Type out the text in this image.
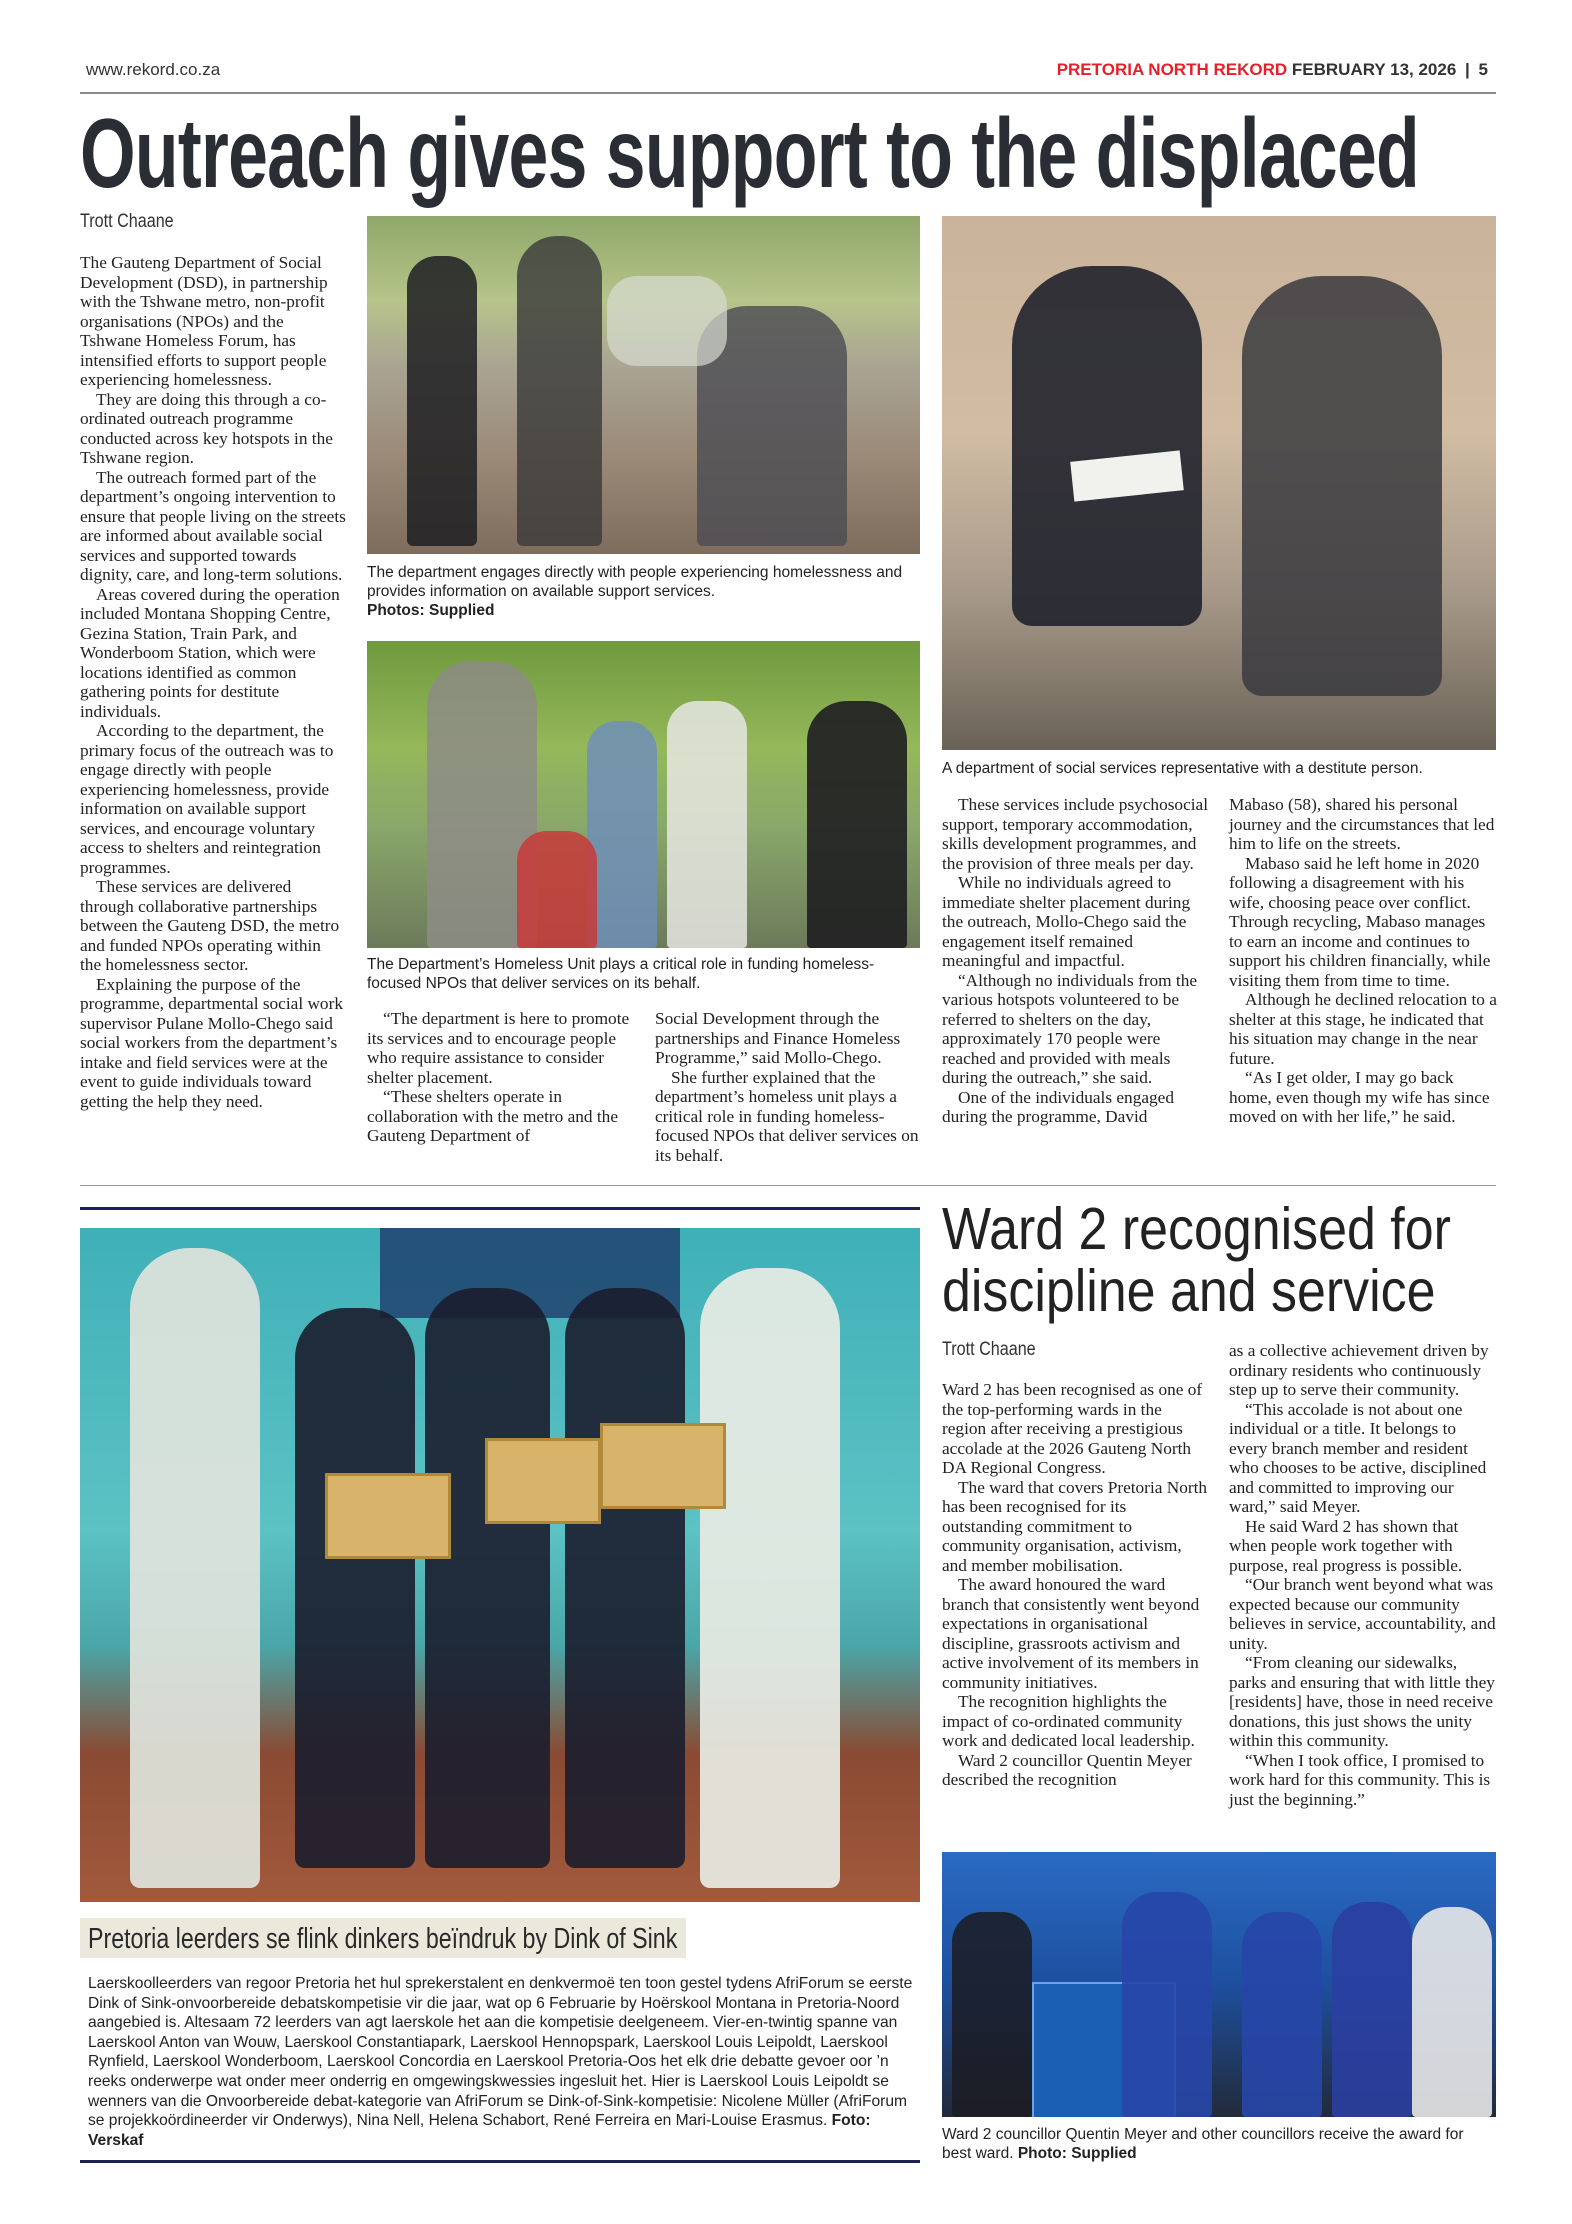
www.rekord.co.za	PRETORIA NORTH REKORD FEBRUARY 13, 2026 | 5
Outreach gives support to the displaced
Trott Chaane

The Gauteng Department of Social Development (DSD), in partnership with the Tshwane metro, non-profit organisations (NPOs) and the Tshwane Homeless Forum, has intensified efforts to support people experiencing homelessness.

They are doing this through a co-ordinated outreach programme conducted across key hotspots in the Tshwane region.

The outreach formed part of the department’s ongoing intervention to ensure that people living on the streets are informed about available social services and supported towards dignity, care, and long-term solutions.

Areas covered during the operation included Montana Shopping Centre, Gezina Station, Train Park, and Wonderboom Station, which were locations identified as common gathering points for destitute individuals.

According to the department, the primary focus of the outreach was to engage directly with people experiencing homelessness, provide information on available support services, and encourage voluntary access to shelters and reintegration programmes.

These services are delivered through collaborative partnerships between the Gauteng DSD, the metro and funded NPOs operating within the homelessness sector.

Explaining the purpose of the programme, departmental social work supervisor Pulane Mollo-Chego said social workers from the department’s intake and field services were at the event to guide individuals toward getting the help they need.

The department engages directly with people experiencing homelessness and provides information on available support services.
Photos: Supplied
The Department’s Homeless Unit plays a critical role in funding homeless-focused NPOs that deliver services on its behalf.

“The department is here to promote its services and to encourage people who require assistance to consider shelter placement.

“These shelters operate in collaboration with the metro and the Gauteng Department of

Social Development through the partnerships and Finance Homeless Programme,” said Mollo-Chego.

She further explained that the department’s homeless unit plays a critical role in funding homeless-focused NPOs that deliver services on its behalf.

A department of social services representative with a destitute person.

These services include psychosocial support, temporary accommodation, skills development programmes, and the provision of three meals per day.

While no individuals agreed to immediate shelter placement during the outreach, Mollo-Chego said the engagement itself remained meaningful and impactful.

“Although no individuals from the various hotspots volunteered to be referred to shelters on the day, approximately 170 people were reached and provided with meals during the outreach,” she said.

One of the individuals engaged during the programme, David

Mabaso (58), shared his personal journey and the circumstances that led him to life on the streets.

Mabaso said he left home in 2020 following a disagreement with his wife, choosing peace over conflict. Through recycling, Mabaso manages to earn an income and continues to support his children financially, while visiting them from time to time.

Although he declined relocation to a shelter at this stage, he indicated that his situation may change in the near future.

“As I get older, I may go back home, even though my wife has since moved on with her life,” he said.

Pretoria leerders se flink dinkers beïndruk by Dink of Sink
Laerskoolleerders van regoor Pretoria het hul sprekerstalent en denkvermoë ten toon gestel tydens AfriForum se eerste Dink of Sink-onvoorbereide debatskompetisie vir die jaar, wat op 6 Februarie by Hoërskool Montana in Pretoria-Noord aangebied is. Altesaam 72 leerders van agt laerskole het aan die kompetisie deelgeneem. Vier-en-twintig spanne van Laerskool Anton van Wouw, Laerskool Constantiapark, Laerskool Hennopspark, Laerskool Louis Leipoldt, Laerskool Rynfield, Laerskool Wonderboom, Laerskool Concordia en Laerskool Pretoria-Oos het elk drie debatte gevoer oor ’n reeks onderwerpe wat onder meer onderrig en omgewingskwessies ingesluit het. Hier is Laerskool Louis Leipoldt se wenners van die Onvoorbereide debat-kategorie van AfriForum se Dink-of-Sink-kompetisie: Nicolene Müller (AfriForum se projekkoördineerder vir Onderwys), Nina Nell, Helena Schabort, René Ferreira en Mari-Louise Erasmus. Foto: Verskaf
Ward 2 recognised for
discipline and service
Trott Chaane

Ward 2 has been recognised as one of the top-performing wards in the region after receiving a prestigious accolade at the 2026 Gauteng North DA Regional Congress.

The ward that covers Pretoria North has been recognised for its outstanding commitment to community organisation, activism, and member mobilisation.

The award honoured the ward branch that consistently went beyond expectations in organisational discipline, grassroots activism and active involvement of its members in community initiatives.

The recognition highlights the impact of co-ordinated community work and dedicated local leadership.

Ward 2 councillor Quentin Meyer described the recognition

as a collective achievement driven by ordinary residents who continuously step up to serve their community.

“This accolade is not about one individual or a title. It belongs to every branch member and resident who chooses to be active, disciplined and committed to improving our ward,” said Meyer.

He said Ward 2 has shown that when people work together with purpose, real progress is possible.

“Our branch went beyond what was expected because our community believes in service, accountability, and unity.

“From cleaning our sidewalks, parks and ensuring that with little they [residents] have, those in need receive donations, this just shows the unity within this community.

“When I took office, I promised to work hard for this community. This is just the beginning.”

Ward 2 councillor Quentin Meyer and other councillors receive the award for best ward. Photo: Supplied
